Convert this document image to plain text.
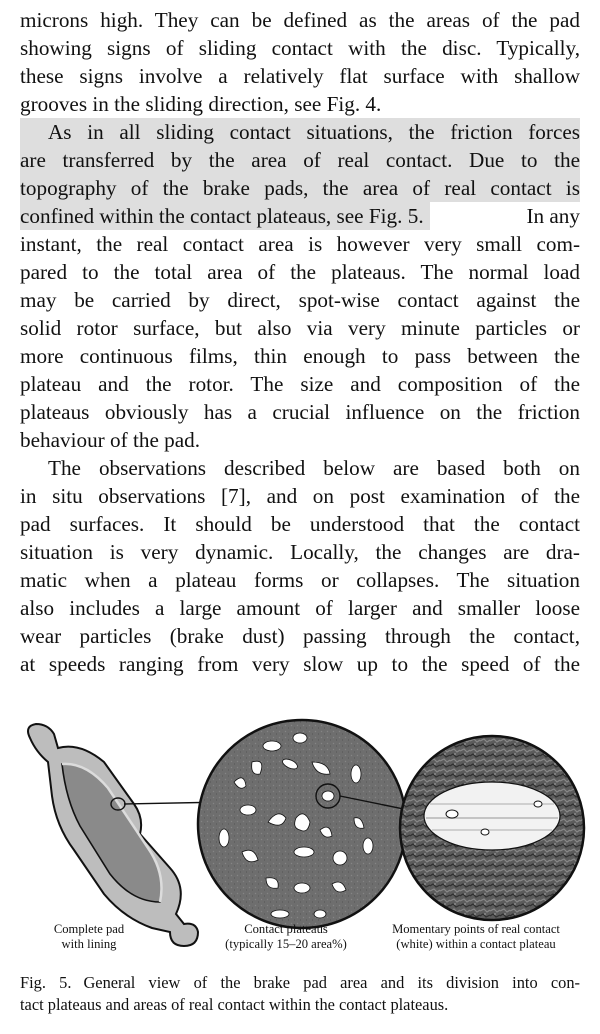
microns high. They can be defined as the areas of the pad
showing signs of sliding contact with the disc. Typically,
these signs involve a relatively flat surface with shallow
grooves in the sliding direction, see Fig. 4.
As in all sliding contact situations, the friction forces
are transferred by the area of real contact. Due to the
topography of the brake pads, the area of real contact is
confined within the contact plateaus, see Fig. 5.	In any
instant, the real contact area is however very small com-
pared to the total area of the plateaus. The normal load
may be carried by direct, spot-wise contact against the
solid rotor surface, but also via very minute particles or
more continuous films, thin enough to pass between the
plateau and the rotor. The size and composition of the
plateaus obviously has a crucial influence on the friction
behaviour of the pad.
The observations described below are based both on
in situ observations [7], and on post examination of the
pad surfaces. It should be understood that the contact
situation is very dynamic. Locally, the changes are dra-
matic when a plateau forms or collapses. The situation
also includes a large amount of larger and smaller loose
wear particles (brake dust) passing through the contact,
at speeds ranging from very slow up to the speed of the
Complete pad
with lining
Contact plateaus
(typically 15–20 area%)
Momentary points of real contact
(white) within a contact plateau
Fig. 5. General view of the brake pad area and its division into con-
tact plateaus and areas of real contact within the contact plateaus.
